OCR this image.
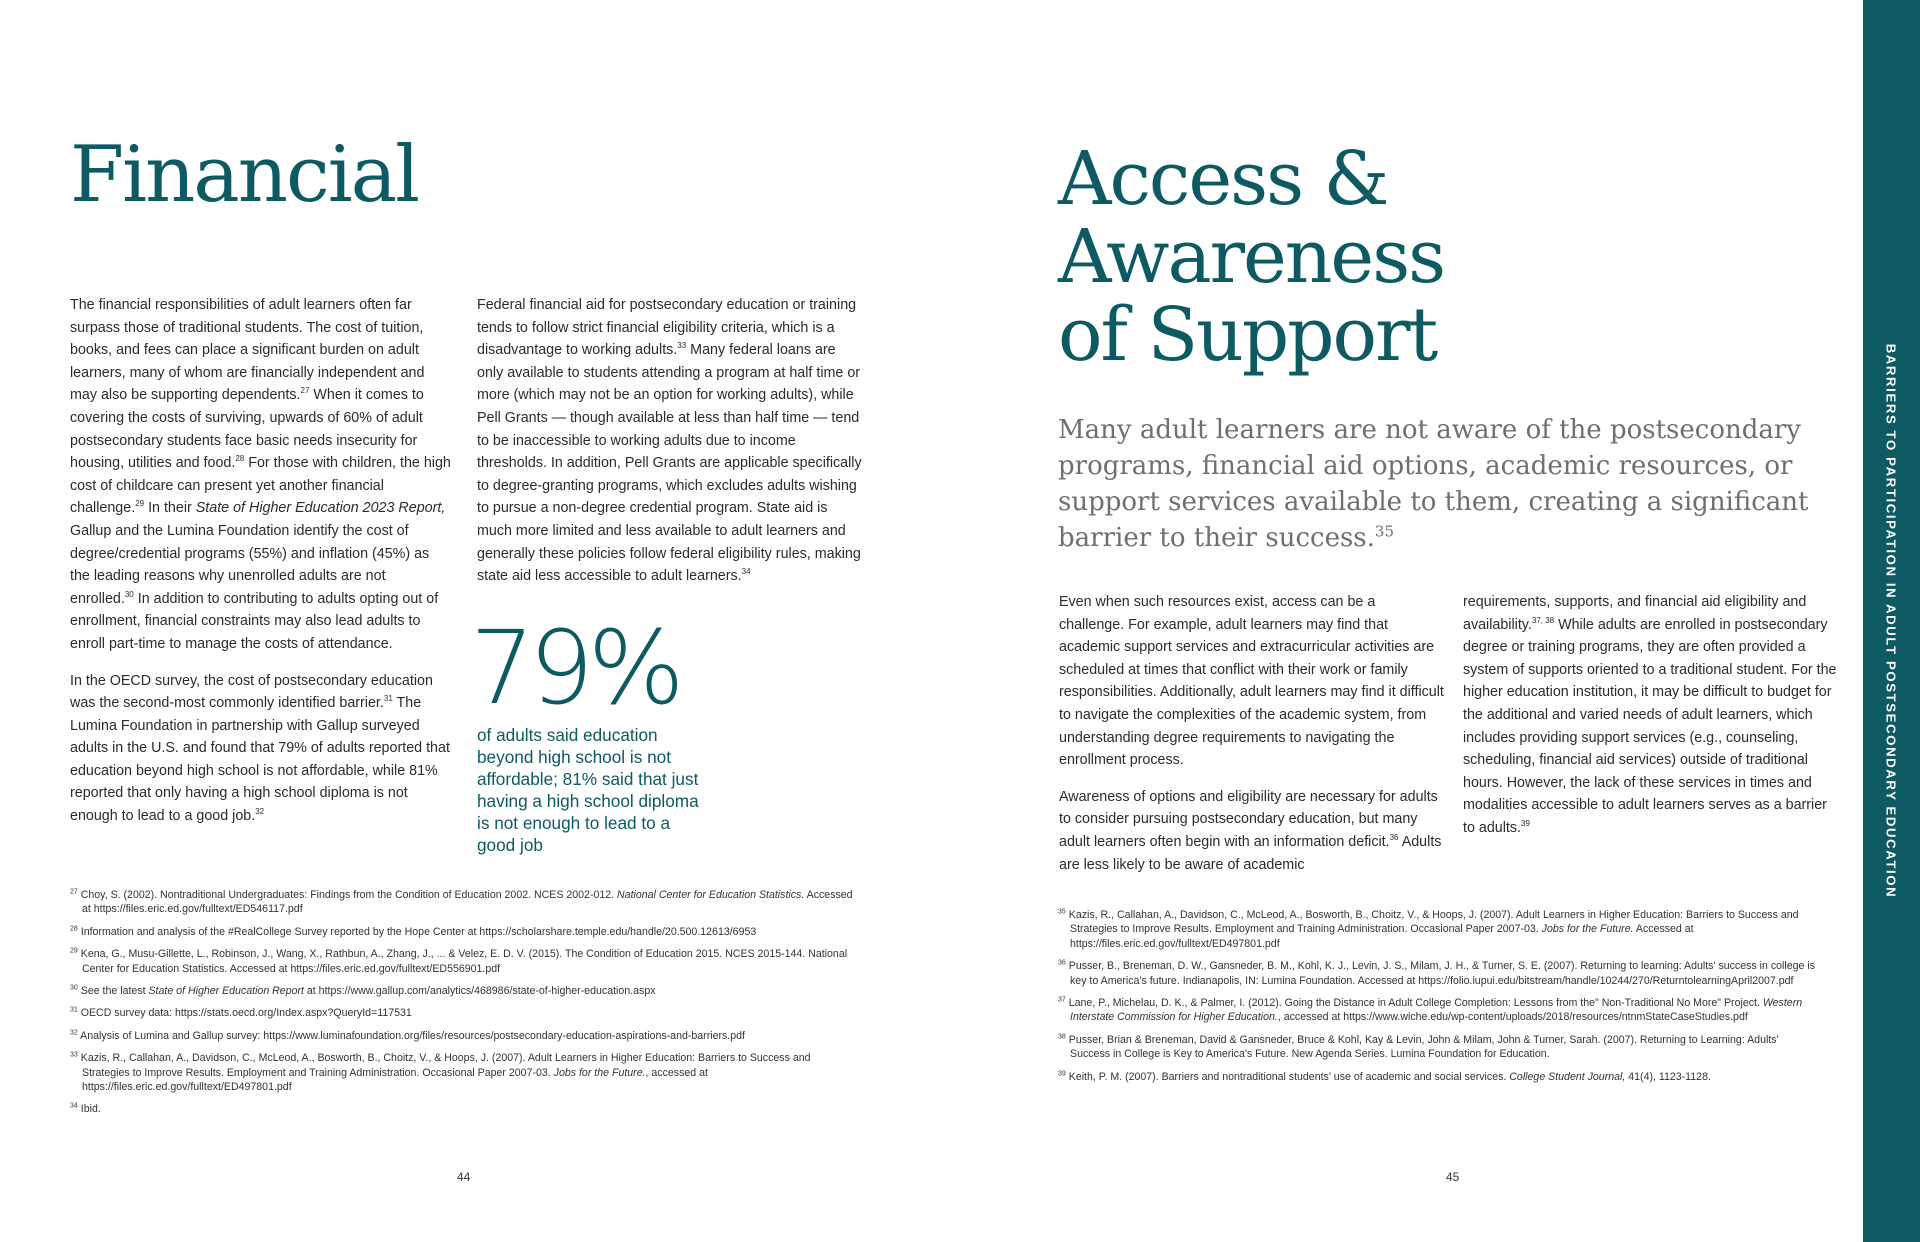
Financial

The financial responsibilities of adult learners often far surpass those of traditional students. The cost of tuition, books, and fees can place a significant burden on adult learners, many of whom are financially independent and may also be supporting dependents.$^{27}$ When it comes to covering the costs of surviving, upwards of 60% of adult postsecondary students face basic needs insecurity for housing, utilities and food.$^{28}$ For those with children, the high cost of childcare can present yet another financial challenge.$^{29}$ In their State of Higher Education 2023 Report, Gallup and the Lumina Foundation identify the cost of degree/credential programs (55%) and inflation (45%) as the leading reasons why unenrolled adults are not enrolled.$^{30}$ In addition to contributing to adults opting out of enrollment, financial constraints may also lead adults to enroll part-time to manage the costs of attendance.

In the OECD survey, the cost of postsecondary education was the second-most commonly identified barrier.$^{31}$ The Lumina Foundation in partnership with Gallup surveyed adults in the U.S. and found that 79% of adults reported that education beyond high school is not affordable, while 81% reported that only having a high school diploma is not enough to lead to a good job.$^{32}$

Federal financial aid for postsecondary education or training tends to follow strict financial eligibility criteria, which is a disadvantage to working adults.$^{33}$ Many federal loans are only available to students attending a program at half time or more (which may not be an option for working adults), while Pell Grants — though available at less than half time — tend to be inaccessible to working adults due to income thresholds. In addition, Pell Grants are applicable specifically to degree-granting programs, which excludes adults wishing to pursue a non-degree credential program. State aid is much more limited and less available to adult learners and generally these policies follow federal eligibility rules, making state aid less accessible to adult learners.$^{34}$

79%
of adults said education beyond high school is not affordable; 81% said that just having a high school diploma is not enough to lead to a good job
$^{27}$ Choy, S. (2002). Nontraditional Undergraduates: Findings from the Condition of Education 2002. NCES 2002-012. National Center for Education Statistics. Accessed at https://files.eric.ed.gov/fulltext/ED546117.pdf
$^{28}$ Information and analysis of the #RealCollege Survey reported by the Hope Center at https://scholarshare.temple.edu/handle/20.500.12613/6953
$^{29}$ Kena, G., Musu-Gillette, L., Robinson, J., Wang, X., Rathbun, A., Zhang, J., ... & Velez, E. D. V. (2015). The Condition of Education 2015. NCES 2015-144. National Center for Education Statistics. Accessed at https://files.eric.ed.gov/fulltext/ED556901.pdf
$^{30}$ See the latest State of Higher Education Report at https://www.gallup.com/analytics/468986/state-of-higher-education.aspx
$^{31}$ OECD survey data: https://stats.oecd.org/Index.aspx?QueryId=117531
$^{32}$ Analysis of Lumina and Gallup survey: https://www.luminafoundation.org/files/resources/postsecondary-education-aspirations-and-barriers.pdf
$^{33}$ Kazis, R., Callahan, A., Davidson, C., McLeod, A., Bosworth, B., Choitz, V., & Hoops, J. (2007). Adult Learners in Higher Education: Barriers to Success and Strategies to Improve Results. Employment and Training Administration. Occasional Paper 2007-03. Jobs for the Future., accessed at https://files.eric.ed.gov/fulltext/ED497801.pdf
$^{34}$ Ibid.
44
Access &
Awareness
of Support
Many adult learners are not aware of the postsecondary programs, financial aid options, academic resources, or support services available to them, creating a significant barrier to their success.$^{35}$

Even when such resources exist, access can be a challenge. For example, adult learners may find that academic support services and extracurricular activities are scheduled at times that conflict with their work or family responsibilities. Additionally, adult learners may find it difficult to navigate the complexities of the academic system, from understanding degree requirements to navigating the enrollment process.

Awareness of options and eligibility are necessary for adults to consider pursuing postsecondary education, but many adult learners often begin with an information deficit.$^{36}$ Adults are less likely to be aware of academic

requirements, supports, and financial aid eligibility and availability.$^{37, 38}$ While adults are enrolled in postsecondary degree or training programs, they are often provided a system of supports oriented to a traditional student. For the higher education institution, it may be difficult to budget for the additional and varied needs of adult learners, which includes providing support services (e.g., counseling, scheduling, financial aid services) outside of traditional hours. However, the lack of these services in times and modalities accessible to adult learners serves as a barrier to adults.$^{39}$

$^{35}$ Kazis, R., Callahan, A., Davidson, C., McLeod, A., Bosworth, B., Choitz, V., & Hoops, J. (2007). Adult Learners in Higher Education: Barriers to Success and Strategies to Improve Results. Employment and Training Administration. Occasional Paper 2007-03. Jobs for the Future. Accessed at https://files.eric.ed.gov/fulltext/ED497801.pdf
$^{36}$ Pusser, B., Breneman, D. W., Gansneder, B. M., Kohl, K. J., Levin, J. S., Milam, J. H., & Turner, S. E. (2007). Returning to learning: Adults' success in college is key to America's future. Indianapolis, IN: Lumina Foundation. Accessed at https://folio.iupui.edu/bitstream/handle/10244/270/ReturntolearningApril2007.pdf
$^{37}$ Lane, P., Michelau, D. K., & Palmer, I. (2012). Going the Distance in Adult College Completion: Lessons from the" Non-Traditional No More" Project. Western Interstate Commission for Higher Education., accessed at https://www.wiche.edu/wp-content/uploads/2018/resources/ntnmStateCaseStudies.pdf
$^{38}$ Pusser, Brian & Breneman, David & Gansneder, Bruce & Kohl, Kay & Levin, John & Milam, John & Turner, Sarah. (2007). Returning to Learning: Adults' Success in College is Key to America's Future. New Agenda Series. Lumina Foundation for Education.
$^{39}$ Keith, P. M. (2007). Barriers and nontraditional students' use of academic and social services. College Student Journal, 41(4), 1123-1128.
45
BARRIERS TO PARTICIPATION IN ADULT POSTSECONDARY EDUCATION
